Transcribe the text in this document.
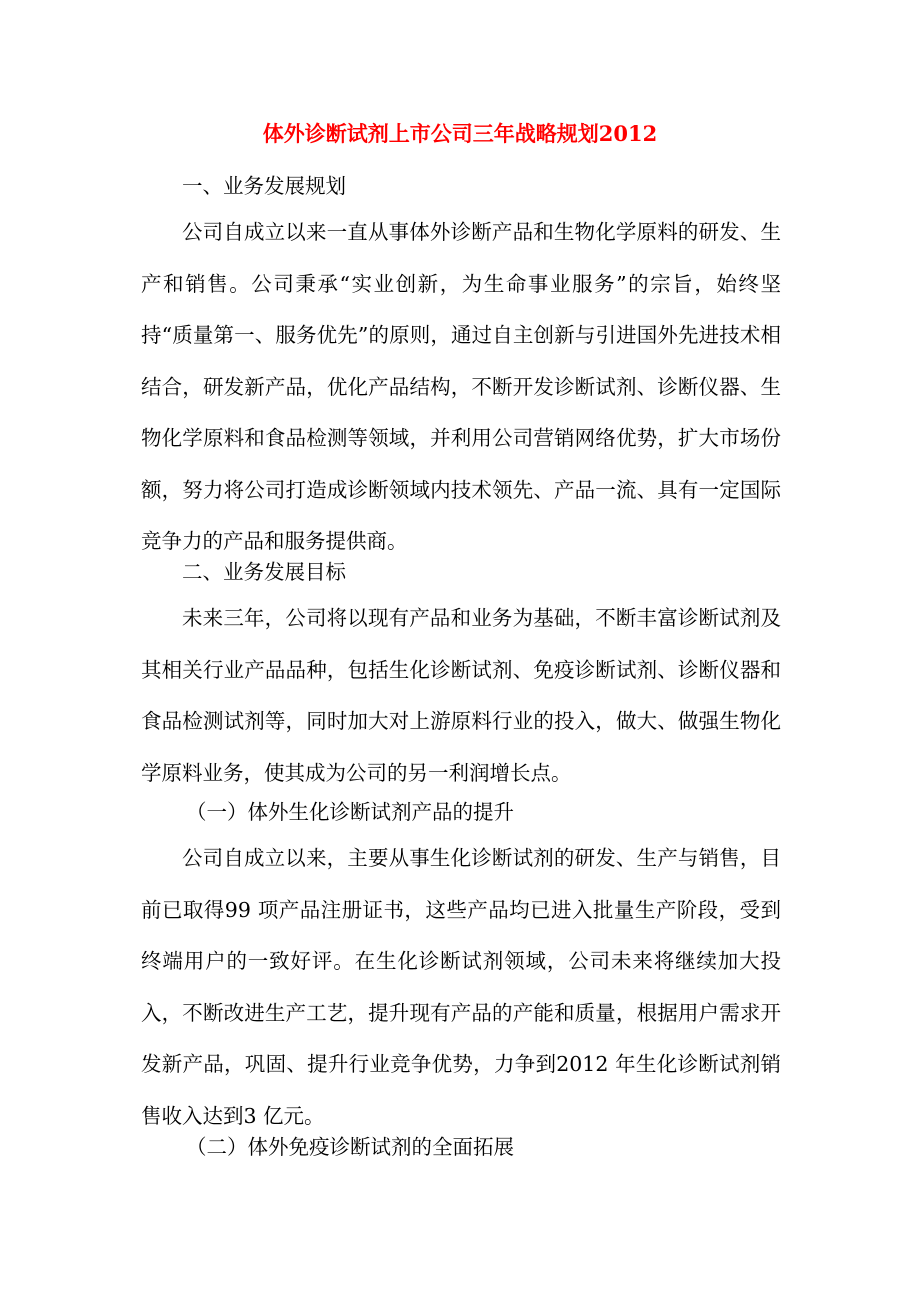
体外诊断试剂上市公司三年战略规划2012
一、业务发展规划

公司自成立以来一直从事体外诊断产品和生物化学原料的研发、生产和销售。公司秉承“实业创新，为生命事业服务”的宗旨，始终坚持“质量第一、服务优先”的原则，通过自主创新与引进国外先进技术相结合，研发新产品，优化产品结构，不断开发诊断试剂、诊断仪器、生物化学原料和食品检测等领域，并利用公司营销网络优势，扩大市场份额，努力将公司打造成诊断领域内技术领先、产品一流、具有一定国际竞争力的产品和服务提供商。

二、业务发展目标

未来三年，公司将以现有产品和业务为基础，不断丰富诊断试剂及其相关行业产品品种，包括生化诊断试剂、免疫诊断试剂、诊断仪器和食品检测试剂等，同时加大对上游原料行业的投入，做大、做强生物化学原料业务，使其成为公司的另一利润增长点。

（一）体外生化诊断试剂产品的提升

公司自成立以来，主要从事生化诊断试剂的研发、生产与销售，目前已取得99 项产品注册证书，这些产品均已进入批量生产阶段，受到终端用户的一致好评。在生化诊断试剂领域，公司未来将继续加大投入，不断改进生产工艺，提升现有产品的产能和质量，根据用户需求开发新产品，巩固、提升行业竞争优势，力争到2012 年生化诊断试剂销售收入达到3 亿元。

（二）体外免疫诊断试剂的全面拓展
